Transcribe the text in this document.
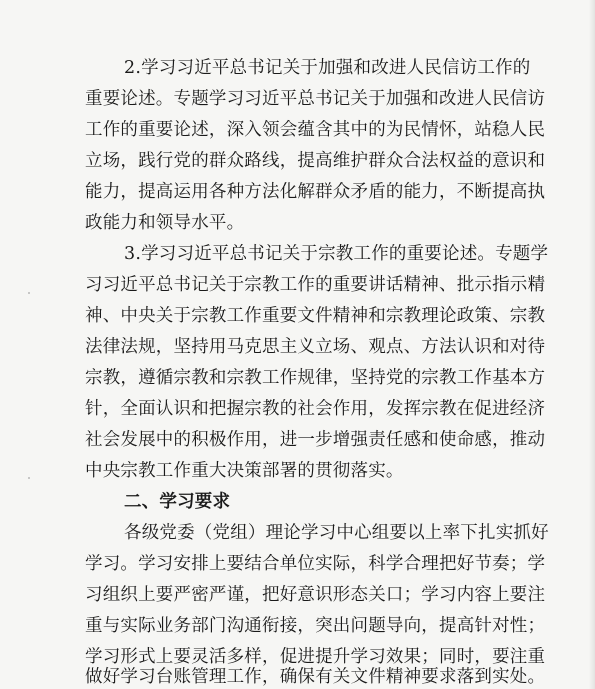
2.学习习近平总书记关于加强和改进人民信访工作的
重要论述。专题学习习近平总书记关于加强和改进人民信访
工作的重要论述，深入领会蕴含其中的为民情怀，站稳人民
立场，践行党的群众路线，提高维护群众合法权益的意识和
能力，提高运用各种方法化解群众矛盾的能力，不断提高执
政能力和领导水平。
3.学习习近平总书记关于宗教工作的重要论述。专题学
习习近平总书记关于宗教工作的重要讲话精神、批示指示精
神、中央关于宗教工作重要文件精神和宗教理论政策、宗教
法律法规，坚持用马克思主义立场、观点、方法认识和对待
宗教，遵循宗教和宗教工作规律，坚持党的宗教工作基本方
针，全面认识和把握宗教的社会作用，发挥宗教在促进经济
社会发展中的积极作用，进一步增强责任感和使命感，推动
中央宗教工作重大决策部署的贯彻落实。
二、学习要求
各级党委（党组）理论学习中心组要以上率下扎实抓好
学习。学习安排上要结合单位实际，科学合理把好节奏；学
习组织上要严密严谨，把好意识形态关口；学习内容上要注
重与实际业务部门沟通衔接，突出问题导向，提高针对性；
学习形式上要灵活多样，促进提升学习效果；同时，要注重
做好学习台账管理工作，确保有关文件精神要求落到实处。
